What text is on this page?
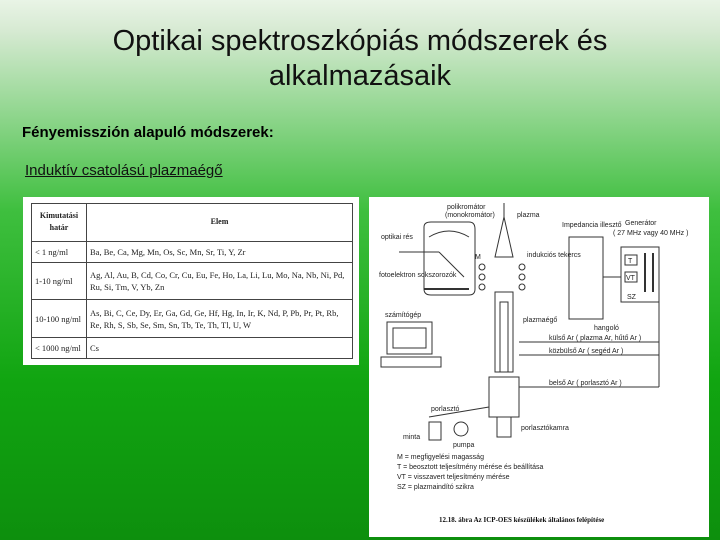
Optikai spektroszkópiás módszerek és
alkalmazásaik
Fényemisszión alapuló módszerek:
Induktív csatolású plazmaégő
Kimutatási határ	Elem
< 1 ng/ml	Ba, Be, Ca, Mg, Mn, Os, Sc, Mn, Sr, Ti, Y, Zr
1-10 ng/ml	Ag, Al, Au, B, Cd, Co, Cr, Cu, Eu, Fe, Ho, La, Li, Lu, Mo, Na, Nb, Ni, Pd, Ru, Si, Tm, V, Yb, Zn
10-100 ng/ml	As, Bi, C, Ce, Dy, Er, Ga, Gd, Ge, Hf, Hg, In, Ir, K, Nd, P, Pb, Pr, Pt, Rb, Re, Rh, S, Sb, Se, Sm, Sn, Tb, Te, Th, Tl, U, W
< 1000 ng/ml	Cs
polikromátor
(monokromátor)	plazma
optikai rés
Impedancia illesztő Generátor
( 27 MHz vagy 40 MHz )
M	indukciós tekercs
fotoelektron sokszorozók
T
VT
SZ
számítógép
plazmaégő
hangoló
külső Ar ( plazma Ar, hűtő Ar )
közbülső Ar ( segéd Ar )
belső Ar ( porlasztó Ar )
porlasztó
porlasztókamra
minta
pumpa
M = megfigyelési magasság
T = beosztott teljesítmény mérése és beállítása
VT = visszavert teljesítmény mérése
SZ = plazmaindító szikra
12.18. ábra Az ICP-OES készülékek általános felépítése
